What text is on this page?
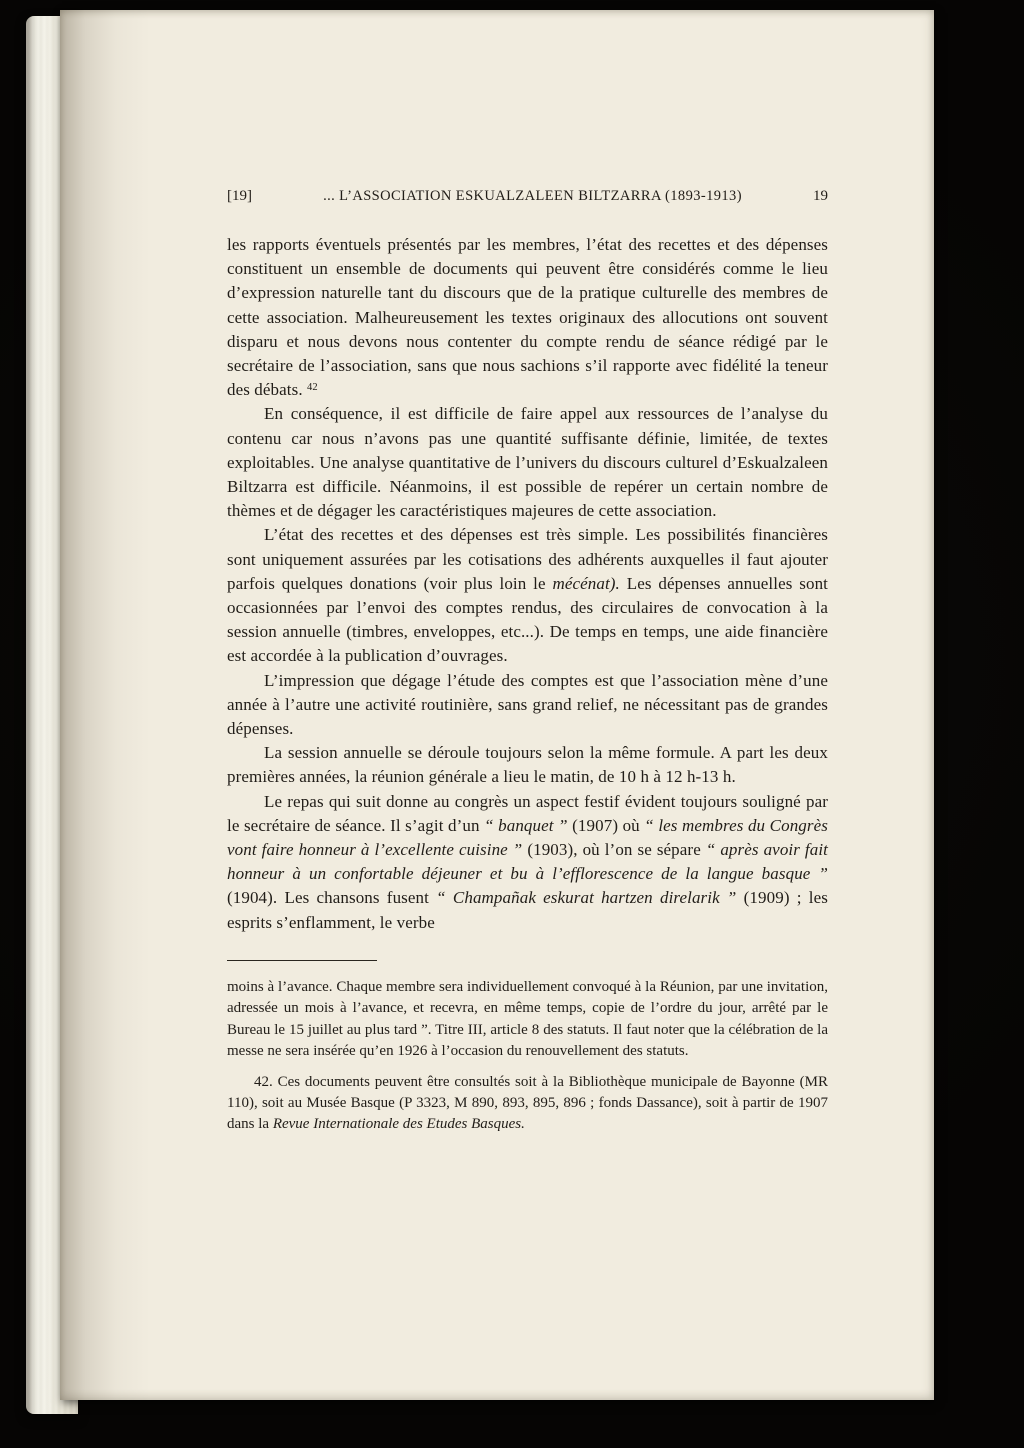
[19]	... L’ASSOCIATION ESKUALZALEEN BILTZARRA (1893-1913)	19

les rapports éventuels présentés par les membres, l’état des recettes et des dépenses constituent un ensemble de documents qui peuvent être considérés comme le lieu d’expression naturelle tant du discours que de la pratique culturelle des membres de cette association. Malheureusement les textes originaux des allocutions ont souvent disparu et nous devons nous contenter du compte rendu de séance rédigé par le secrétaire de l’association, sans que nous sachions s’il rapporte avec fidélité la teneur des débats. $^{42}$

En conséquence, il est difficile de faire appel aux ressources de l’analyse du contenu car nous n’avons pas une quantité suffisante définie, limitée, de textes exploitables. Une analyse quantitative de l’univers du discours culturel d’Eskualzaleen Biltzarra est difficile. Néanmoins, il est possible de repérer un certain nombre de thèmes et de dégager les caractéristiques majeures de cette association.

L’état des recettes et des dépenses est très simple. Les possibilités financières sont uniquement assurées par les cotisations des adhérents auxquelles il faut ajouter parfois quelques donations (voir plus loin le mécénat). Les dépenses annuelles sont occasionnées par l’envoi des comptes rendus, des circulaires de convocation à la session annuelle (timbres, enveloppes, etc...). De temps en temps, une aide financière est accordée à la publication d’ouvrages.

L’impression que dégage l’étude des comptes est que l’association mène d’une année à l’autre une activité routinière, sans grand relief, ne nécessitant pas de grandes dépenses.

La session annuelle se déroule toujours selon la même formule. A part les deux premières années, la réunion générale a lieu le matin, de 10 h à 12 h-13 h.

Le repas qui suit donne au congrès un aspect festif évident toujours souligné par le secrétaire de séance. Il s’agit d’un “ banquet ” (1907) où “ les membres du Congrès vont faire honneur à l’excellente cuisine ” (1903), où l’on se sépare “ après avoir fait honneur à un confortable déjeuner et bu à l’efflorescence de la langue basque ” (1904). Les chansons fusent “ Champañak eskurat hartzen direlarik ” (1909) ; les esprits s’enflamment, le verbe

moins à l’avance. Chaque membre sera individuellement convoqué à la Réunion, par une invitation, adressée un mois à l’avance, et recevra, en même temps, copie de l’ordre du jour, arrêté par le Bureau le 15 juillet au plus tard ”. Titre III, article 8 des statuts. Il faut noter que la célébration de la messe ne sera insérée qu’en 1926 à l’occasion du renouvellement des statuts.

42. Ces documents peuvent être consultés soit à la Bibliothèque municipale de Bayonne (MR 110), soit au Musée Basque (P 3323, M 890, 893, 895, 896 ; fonds Dassance), soit à partir de 1907 dans la Revue Internationale des Etudes Basques.
